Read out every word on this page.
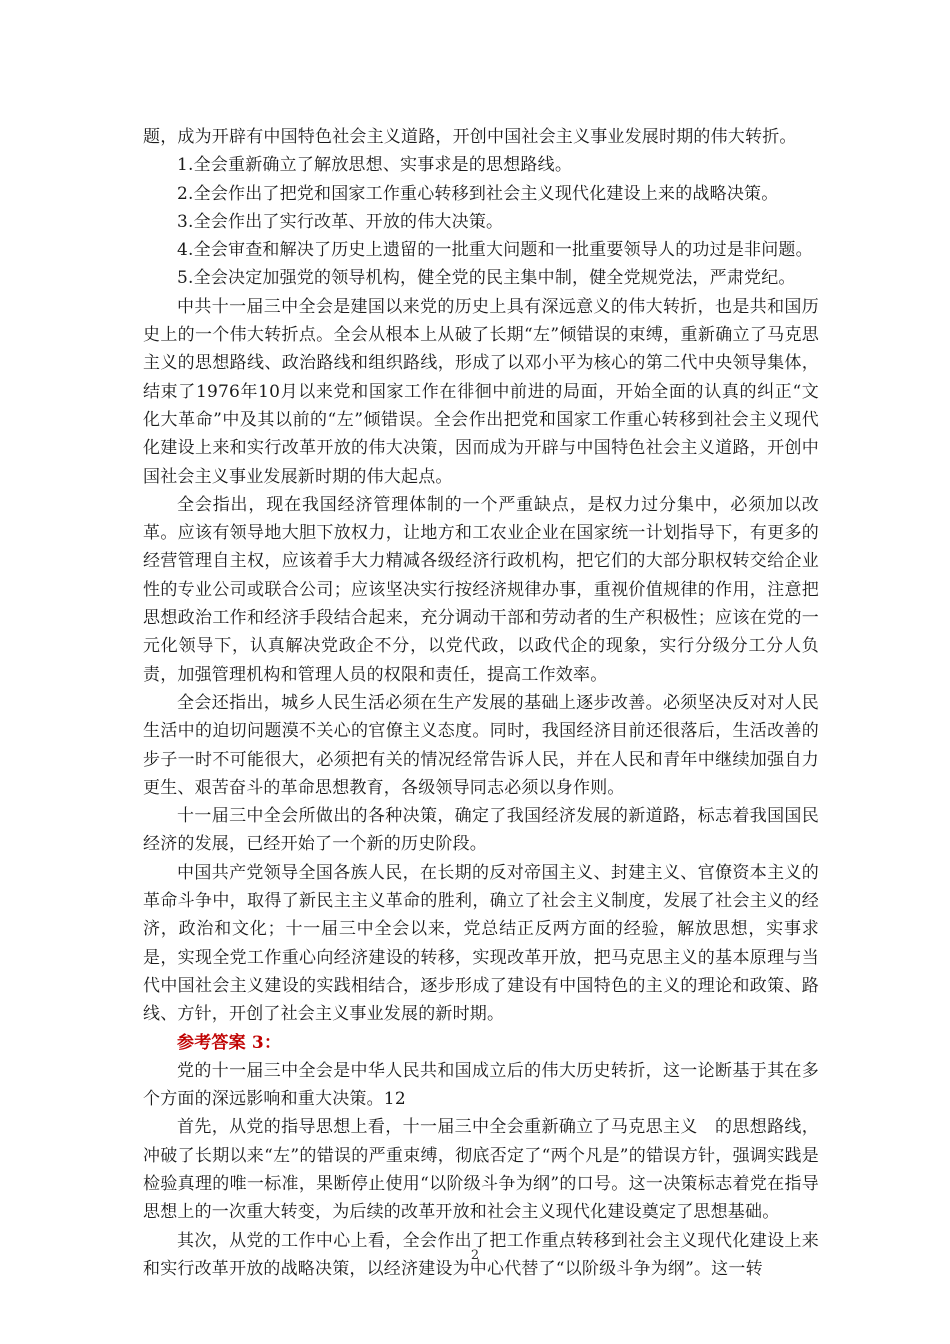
题，成为开辟有中国特色社会主义道路，开创中国社会主义事业发展时期的伟大转折。

1.全会重新确立了解放思想、实事求是的思想路线。

2.全会作出了把党和国家工作重心转移到社会主义现代化建设上来的战略决策。

3.全会作出了实行改革、开放的伟大决策。

4.全会审查和解决了历史上遗留的一批重大问题和一批重要领导人的功过是非问题。

5.全会决定加强党的领导机构，健全党的民主集中制，健全党规党法，严肃党纪。

中共十一届三中全会是建国以来党的历史上具有深远意义的伟大转折，也是共和国历史上的一个伟大转折点。全会从根本上从破了长期“左”倾错误的束缚，重新确立了马克思主义的思想路线、政治路线和组织路线，形成了以邓小平为核心的第二代中央领导集体，结束了1976年10月以来党和国家工作在徘徊中前进的局面，开始全面的认真的纠正“文化大革命”中及其以前的“左”倾错误。全会作出把党和国家工作重心转移到社会主义现代化建设上来和实行改革开放的伟大决策，因而成为开辟与中国特色社会主义道路，开创中国社会主义事业发展新时期的伟大起点。

全会指出，现在我国经济管理体制的一个严重缺点，是权力过分集中，必须加以改革。应该有领导地大胆下放权力，让地方和工农业企业在国家统一计划指导下，有更多的经营管理自主权，应该着手大力精减各级经济行政机构，把它们的大部分职权转交给企业性的专业公司或联合公司；应该坚决实行按经济规律办事，重视价值规律的作用，注意把思想政治工作和经济手段结合起来，充分调动干部和劳动者的生产积极性；应该在党的一元化领导下，认真解决党政企不分，以党代政，以政代企的现象，实行分级分工分人负责，加强管理机构和管理人员的权限和责任，提高工作效率。

全会还指出，城乡人民生活必须在生产发展的基础上逐步改善。必须坚决反对对人民生活中的迫切问题漠不关心的官僚主义态度。同时，我国经济目前还很落后，生活改善的步子一时不可能很大，必须把有关的情况经常告诉人民，并在人民和青年中继续加强自力更生、艰苦奋斗的革命思想教育，各级领导同志必须以身作则。

十一届三中全会所做出的各种决策，确定了我国经济发展的新道路，标志着我国国民经济的发展，已经开始了一个新的历史阶段。

中国共产党领导全国各族人民，在长期的反对帝国主义、封建主义、官僚资本主义的革命斗争中，取得了新民主主义革命的胜利，确立了社会主义制度，发展了社会主义的经济，政治和文化；十一届三中全会以来，党总结正反两方面的经验，解放思想，实事求是，实现全党工作重心向经济建设的转移，实现改革开放，把马克思主义的基本原理与当代中国社会主义建设的实践相结合，逐步形成了建设有中国特色的主义的理论和政策、路线、方针，开创了社会主义事业发展的新时期。

参考答案 3：

党的十一届三中全会是中华人民共和国成立后的伟大历史转折，这一论断基于其在多个方面的深远影响和重大决策。12

首先，从党的指导思想上看，十一届三中全会重新确立了马克思主义　的思想路线，冲破了长期以来“左”的错误的严重束缚，彻底否定了“两个凡是”的错误方针，强调实践是检验真理的唯一标准，果断停止使用“以阶级斗争为纲”的口号。这一决策标志着党在指导思想上的一次重大转变，为后续的改革开放和社会主义现代化建设奠定了思想基础。

其次，从党的工作中心上看，全会作出了把工作重点转移到社会主义现代化建设上来和实行改革开放的战略决策，以经济建设为中心代替了“以阶级斗争为纲”。这一转

2
